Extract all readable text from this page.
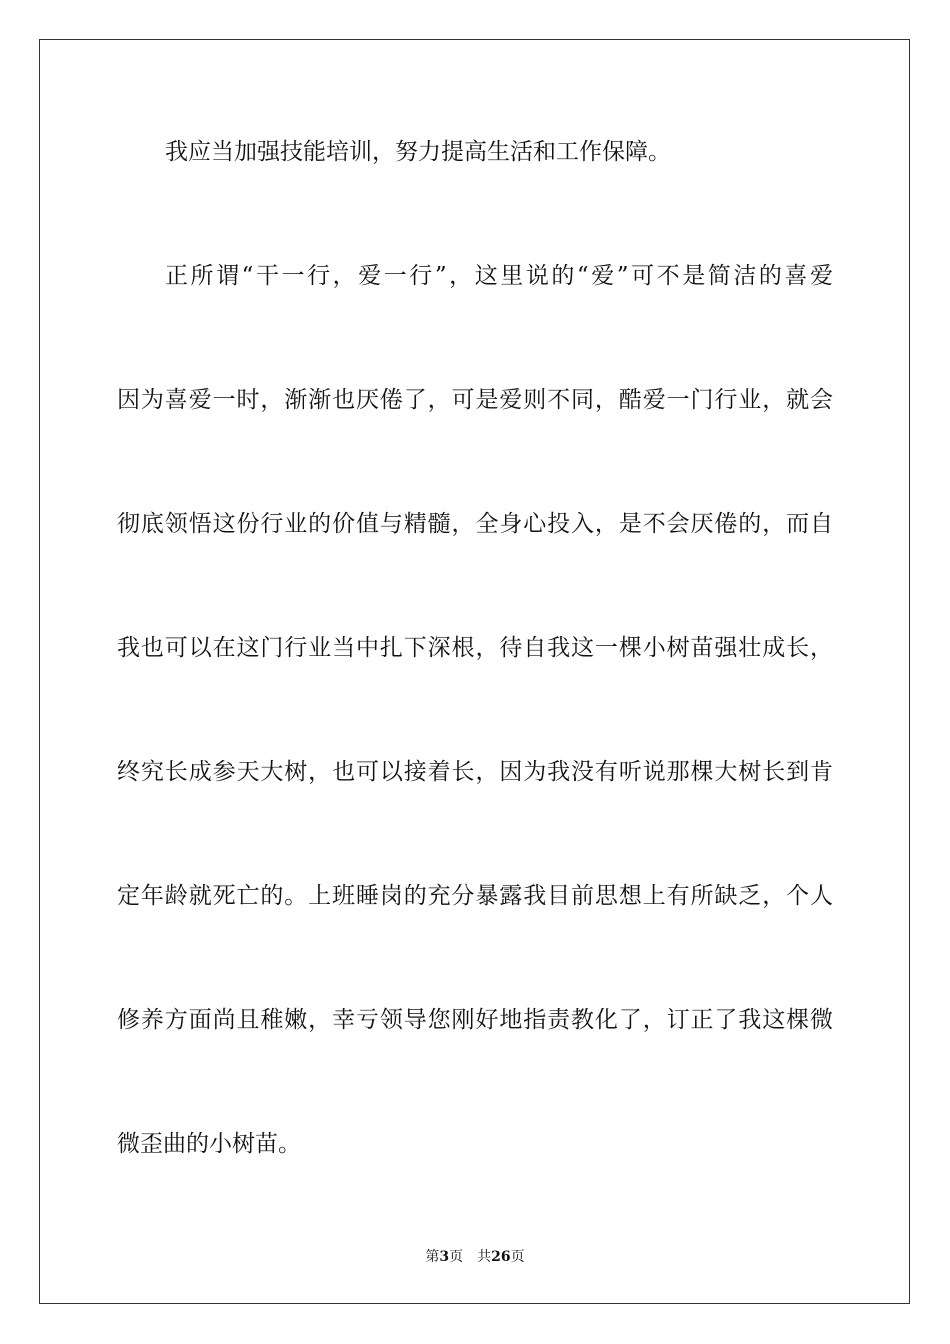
我应当加强技能培训，努力提高生活和工作保障。
正所谓“干一行，爱一行”，这里说的“爱”可不是简洁的喜爱
因为喜爱一时，渐渐也厌倦了，可是爱则不同，酷爱一门行业，就会
彻底领悟这份行业的价值与精髓，全身心投入，是不会厌倦的，而自
我也可以在这门行业当中扎下深根，待自我这一棵小树苗强壮成长，
终究长成参天大树，也可以接着长，因为我没有听说那棵大树长到肯
定年龄就死亡的。上班睡岗的充分暴露我目前思想上有所缺乏，个人
修养方面尚且稚嫩，幸亏领导您刚好地指责教化了，订正了我这棵微
微歪曲的小树苗。
第3页 共26页
